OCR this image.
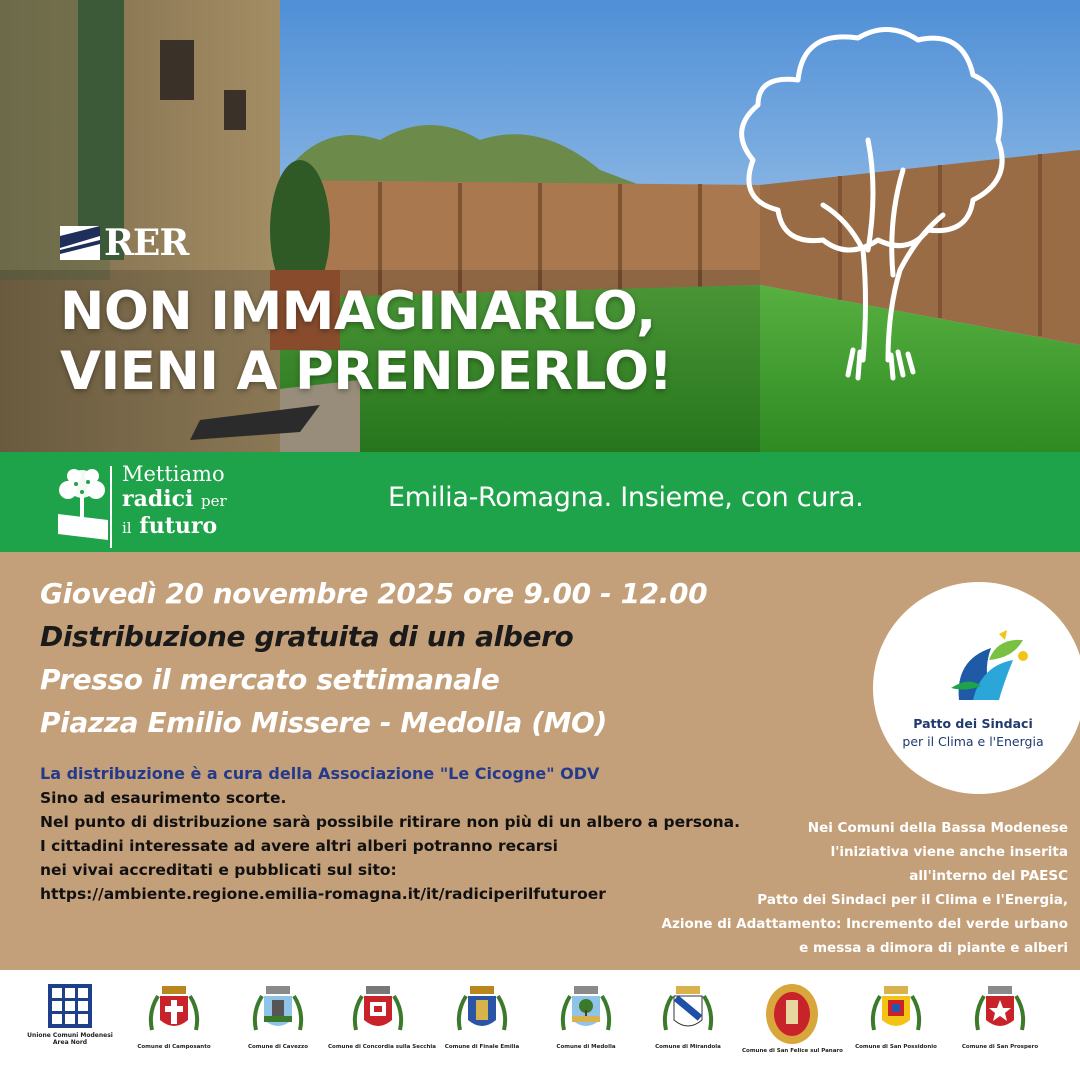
RER
NON IMMAGINARLO,
VIENI A PRENDERLO!
Mettiamo
radici per
il futuro
Emilia-Romagna. Insieme, con cura.
Giovedì 20 novembre 2025 ore 9.00 - 12.00
Distribuzione gratuita di un albero
Presso il mercato settimanale
Piazza Emilio Missere - Medolla (MO)
La distribuzione è a cura della Associazione "Le Cicogne" ODV
Sino ad esaurimento scorte.
Nel punto di distribuzione sarà possibile ritirare non più di un albero a persona.
I cittadini interessate ad avere altri alberi potranno recarsi
nei vivai accreditati e pubblicati sul sito:
https://ambiente.regione.emilia-romagna.it/it/radiciperilfuturoer
Patto dei Sindaci
per il Clima e l'Energia
Nei Comuni della Bassa Modenese
l'iniziativa viene anche inserita
all'interno del PAESC
Patto dei Sindaci per il Clima e l'Energia,
Azione di Adattamento: Incremento del verde urbano
e messa a dimora di piante e alberi
Unione Comuni Modenesi Area Nord
Comune di Camposanto	Comune di Cavezzo	Comune di Concordia sulla Secchia	Comune di Finale Emilia	Comune di Medolla	Comune di Mirandola
Comune di San Felice sul Panaro
Comune di San Possidonio	Comune di San Prospero
